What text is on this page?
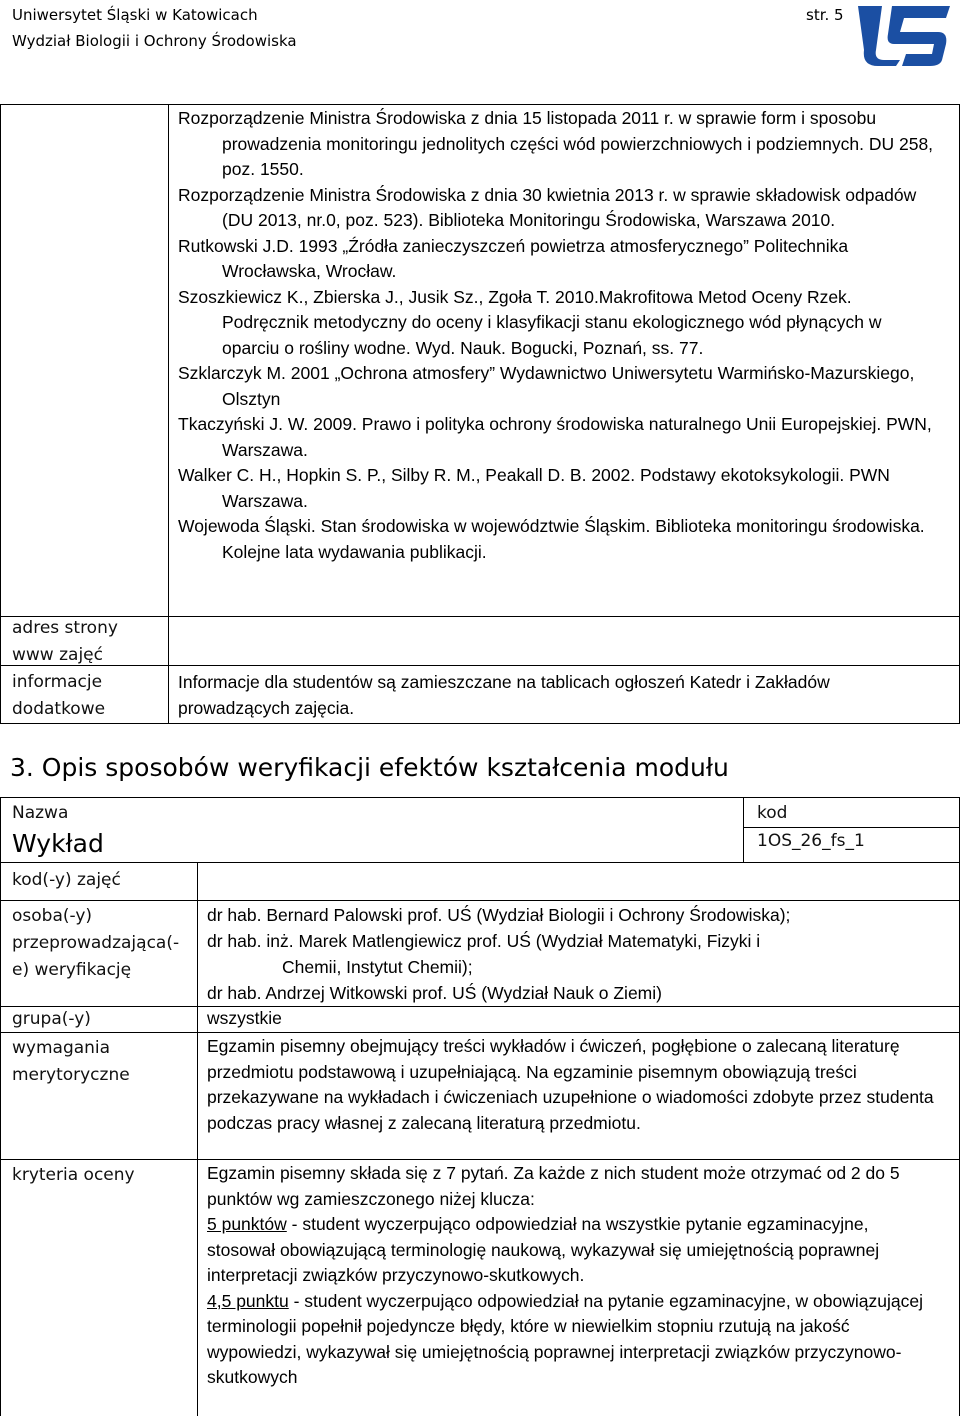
Uniwersytet Śląski w Katowicach
Wydział Biologii i Ochrony Środowiska
str. 5

Rozporządzenie Ministra Środowiska z dnia 15 listopada 2011 r. w sprawie form i sposobu prowadzenia monitoringu jednolitych części wód powierzchniowych i podziemnych. DU 258, poz. 1550.

Rozporządzenie Ministra Środowiska z dnia 30 kwietnia 2013 r. w sprawie składowisk odpadów (DU 2013, nr.0, poz. 523). Biblioteka Monitoringu Środowiska, Warszawa 2010.

Rutkowski J.D. 1993 „Źródła zanieczyszczeń powietrza atmosferycznego” Politechnika Wrocławska, Wrocław.

Szoszkiewicz K., Zbierska J., Jusik Sz., Zgoła T. 2010.Makrofitowa Metod Oceny Rzek. Podręcznik metodyczny do oceny i klasyfikacji stanu ekologicznego wód płynących w oparciu o rośliny wodne. Wyd. Nauk. Bogucki, Poznań, ss. 77.

Szklarczyk M. 2001 „Ochrona atmosfery” Wydawnictwo Uniwersytetu Warmińsko-Mazurskiego, Olsztyn

Tkaczyński J. W. 2009. Prawo i polityka ochrony środowiska naturalnego Unii Europejskiej. PWN, Warszawa.

Walker C. H., Hopkin S. P., Silby R. M., Peakall D. B. 2002. Podstawy ekotoksykologii. PWN Warszawa.

Wojewoda Śląski. Stan środowiska w województwie Śląskim. Biblioteka monitoringu środowiska. Kolejne lata wydawania publikacji.

adres strony
www zajęć
informacje
dodatkowe
Informacje dla studentów są zamieszczane na tablicach ogłoszeń Katedr i Zakładów prowadzących zajęcia.
3. Opis sposobów weryfikacji efektów kształcenia modułu
Nazwa
Wykład
kod
1OS_26_fs_1
kod(-y) zajęć
osoba(-y) przeprowadzająca(-e) weryfikację
dr hab. Bernard Palowski prof. UŚ (Wydział Biologii i Ochrony Środowiska);
dr hab. inż. Marek Matlengiewicz prof. UŚ (Wydział Matematyki, Fizyki i
Chemii, Instytut Chemii);
dr hab. Andrzej Witkowski prof. UŚ (Wydział Nauk o Ziemi)
grupa(-y)	wszystkie
wymagania merytoryczne
Egzamin pisemny obejmujący treści wykładów i ćwiczeń, pogłębione o zalecaną literaturę przedmiotu podstawową i uzupełniającą. Na egzaminie pisemnym obowiązują treści przekazywane na wykładach i ćwiczeniach uzupełnione o wiadomości zdobyte przez studenta podczas pracy własnej z zalecaną literaturą przedmiotu.
kryteria oceny	Egzamin pisemny składa się z 7 pytań. Za każde z nich student może otrzymać od 2 do 5 punktów wg zamieszczonego niżej klucza:
5 punktów - student wyczerpująco odpowiedział na wszystkie pytanie egzaminacyjne, stosował obowiązującą terminologię naukową, wykazywał się umiejętnością poprawnej interpretacji związków przyczynowo-skutkowych.
4,5 punktu - student wyczerpująco odpowiedział na pytanie egzaminacyjne, w obowiązującej terminologii popełnił pojedyncze błędy, które w niewielkim stopniu rzutują na jakość wypowiedzi, wykazywał się umiejętnością poprawnej interpretacji związków przyczynowo-skutkowych
